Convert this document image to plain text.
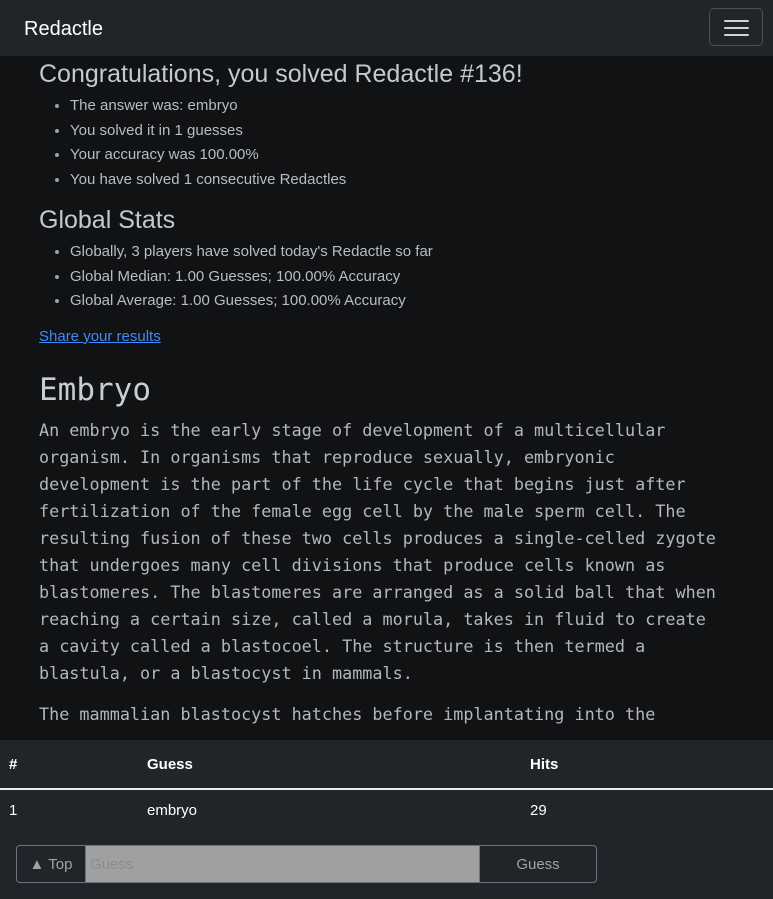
Redactle
Congratulations, you solved Redactle #136!
• The answer was: embryo
• You solved it in 1 guesses
• Your accuracy was 100.00%
• You have solved 1 consecutive Redactles
Global Stats
• Globally, 3 players have solved today's Redactle so far
• Global Median: 1.00 Guesses; 100.00% Accuracy
• Global Average: 1.00 Guesses; 100.00% Accuracy
Share your results
Embryo

An embryo is the early stage of development of a multicellular organism. In organisms that reproduce sexually, embryonic development is the part of the life cycle that begins just after fertilization of the female egg cell by the male sperm cell. The resulting fusion of these two cells produces a single-celled zygote that undergoes many cell divisions that produce cells known as blastomeres. The blastomeres are arranged as a solid ball that when reaching a certain size, called a morula, takes in fluid to create a cavity called a blastocoel. The structure is then termed a blastula, or a blastocyst in mammals.

The mammalian blastocyst hatches before implantating into the

#	Guess	Hits
1	embryo	29
▲ Top
Guess	Guess
